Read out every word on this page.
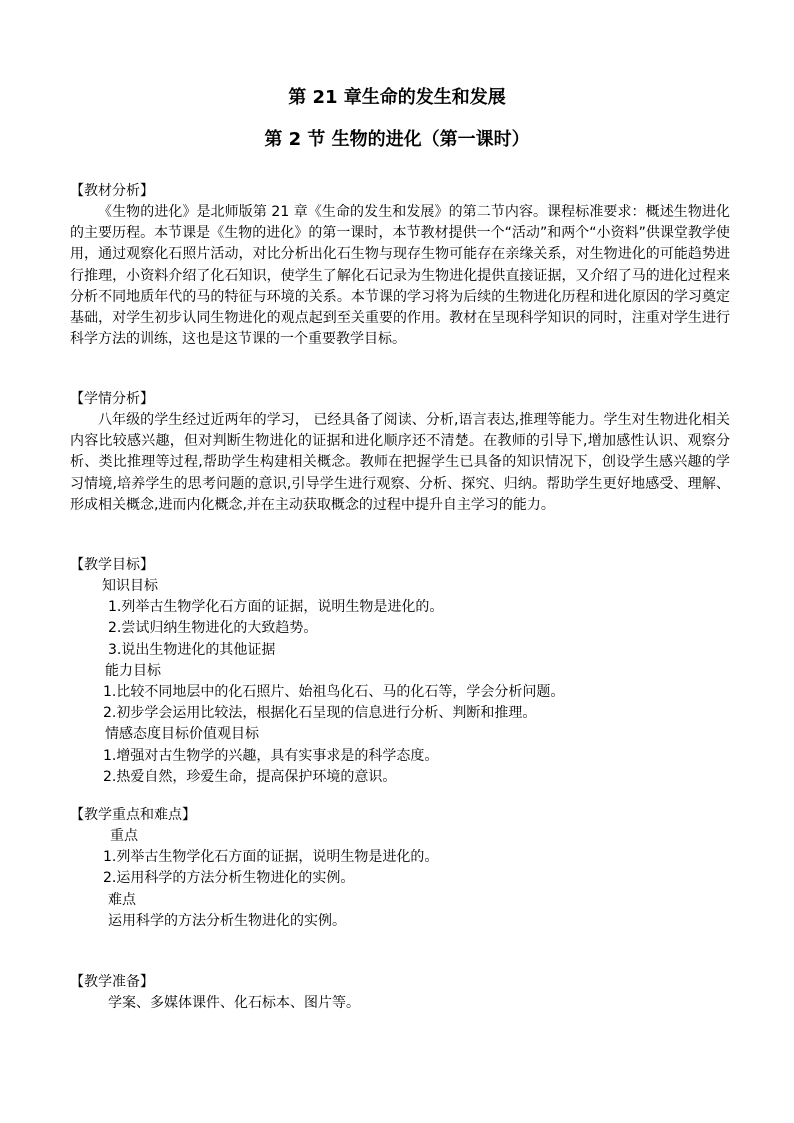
第 21 章生命的发生和发展
第 2 节 生物的进化（第一课时）
【教材分析】

《生物的进化》是北师版第 21 章《生命的发生和发展》的第二节内容。课程标准要求：概述生物进化的主要历程。本节课是《生物的进化》的第一课时，本节教材提供一个“活动”和两个“小资料”供课堂教学使用，通过观察化石照片活动，对比分析出化石生物与现存生物可能存在亲缘关系，对生物进化的可能趋势进行推理，小资料介绍了化石知识，使学生了解化石记录为生物进化提供直接证据，又介绍了马的进化过程来分析不同地质年代的马的特征与环境的关系。本节课的学习将为后续的生物进化历程和进化原因的学习奠定基础，对学生初步认同生物进化的观点起到至关重要的作用。教材在呈现科学知识的同时，注重对学生进行科学方法的训练，这也是这节课的一个重要教学目标。

【学情分析】

八年级的学生经过近两年的学习， 已经具备了阅读、分析,语言表达,推理等能力。学生对生物进化相关内容比较感兴趣，但对判断生物进化的证据和进化顺序还不清楚。在教师的引导下,增加感性认识、观察分析、类比推理等过程,帮助学生构建相关概念。教师在把握学生已具备的知识情况下，创设学生感兴趣的学习情境,培养学生的思考问题的意识,引导学生进行观察、分析、探究、归纳。帮助学生更好地感受、理解、形成相关概念,进而内化概念,并在主动获取概念的过程中提升自主学习的能力。

【教学目标】
知识目标
1.列举古生物学化石方面的证据，说明生物是进化的。
2.尝试归纳生物进化的大致趋势。
3.说出生物进化的其他证据
能力目标
1.比较不同地层中的化石照片、始祖鸟化石、马的化石等，学会分析问题。
2.初步学会运用比较法，根据化石呈现的信息进行分析、判断和推理。
情感态度目标价值观目标
1.增强对古生物学的兴趣，具有实事求是的科学态度。
2.热爱自然，珍爱生命，提高保护环境的意识。
【教学重点和难点】
重点
1.列举古生物学化石方面的证据，说明生物是进化的。
2.运用科学的方法分析生物进化的实例。
难点
运用科学的方法分析生物进化的实例。
【教学准备】
学案、多媒体课件、化石标本、图片等。
